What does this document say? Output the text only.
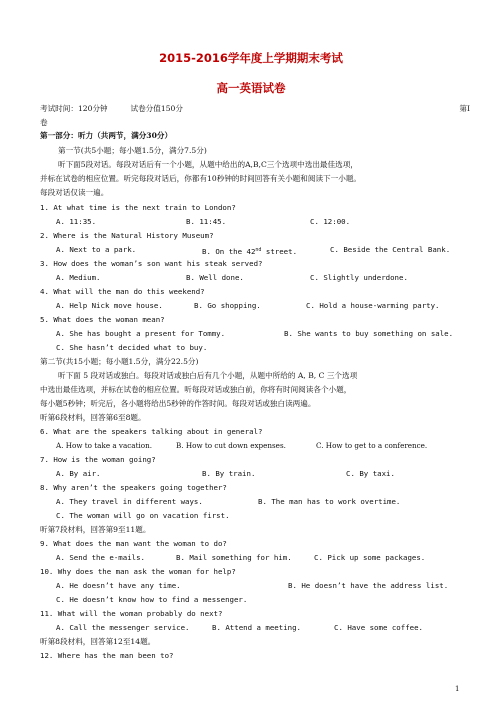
2015-2016学年度上学期期末考试
高一英语试卷
考试时间：120分钟	试卷分值150分	第I
卷
第一部分：听力（共两节，满分30分）
第一节(共5小题；每小题1.5分，满分7.5分)
听下面5段对话。每段对话后有一个小题，从题中给出的A,B,C三个选项中选出最佳选项，
并标在试卷的相应位置。听完每段对话后，你都有10秒钟的时间回答有关小题和阅读下一小题。
每段对话仅读一遍。
1. At what time is the next train to London?
A. 11:35.	B. 11:45.	C. 12:00.
2. Where is the Natural History Museum?
A. Next to a park.	B. On the 42nd street.	C. Beside the Central Bank.
3. How does the woman’s son want his steak served?
A. Medium.	B. Well done.	C. Slightly underdone.
4. What will the man do this weekend?
A. Help Nick move house.	B. Go shopping.	C. Hold a house-warming party.
5. What does the woman mean?
A. She has bought a present for Tommy.	B. She wants to buy something on sale.
C. She hasn’t decided what to buy.
第二节(共15小题；每小题1.5分，满分22.5分)
听下面 5 段对话或独白。每段对话或独白后有几个小题，从题中所给的 A, B, C 三个选项
中选出最佳选项，并标在试卷的相应位置。听每段对话或独白前，你将有时间阅读各个小题，
每小题5秒钟；听完后，各小题将给出5秒钟的作答时间。每段对话或独白读两遍。
听第6段材料，回答第6至8题。
6. What are the speakers talking about in general?
A. How to take a vacation.	B. How to cut down expenses.	C. How to get to a conference.
7. How is the woman going?
A. By air.	B. By train.	C. By taxi.
8. Why aren’t the speakers going together?
A. They travel in different ways.	B. The man has to work overtime.
C. The woman will go on vacation first.
听第7段材料，回答第9至11题。
9. What does the man want the woman to do?
A. Send the e-mails.	B. Mail something for him.	C. Pick up some packages.
10. Why does the man ask the woman for help?
A. He doesn’t have any time.	B. He doesn’t have the address list.
C. He doesn’t know how to find a messenger.
11. What will the woman probably do next?
A. Call the messenger service.	B. Attend a meeting.	C. Have some coffee.
听第8段材料，回答第12至14题。
12. Where has the man been to?
1
